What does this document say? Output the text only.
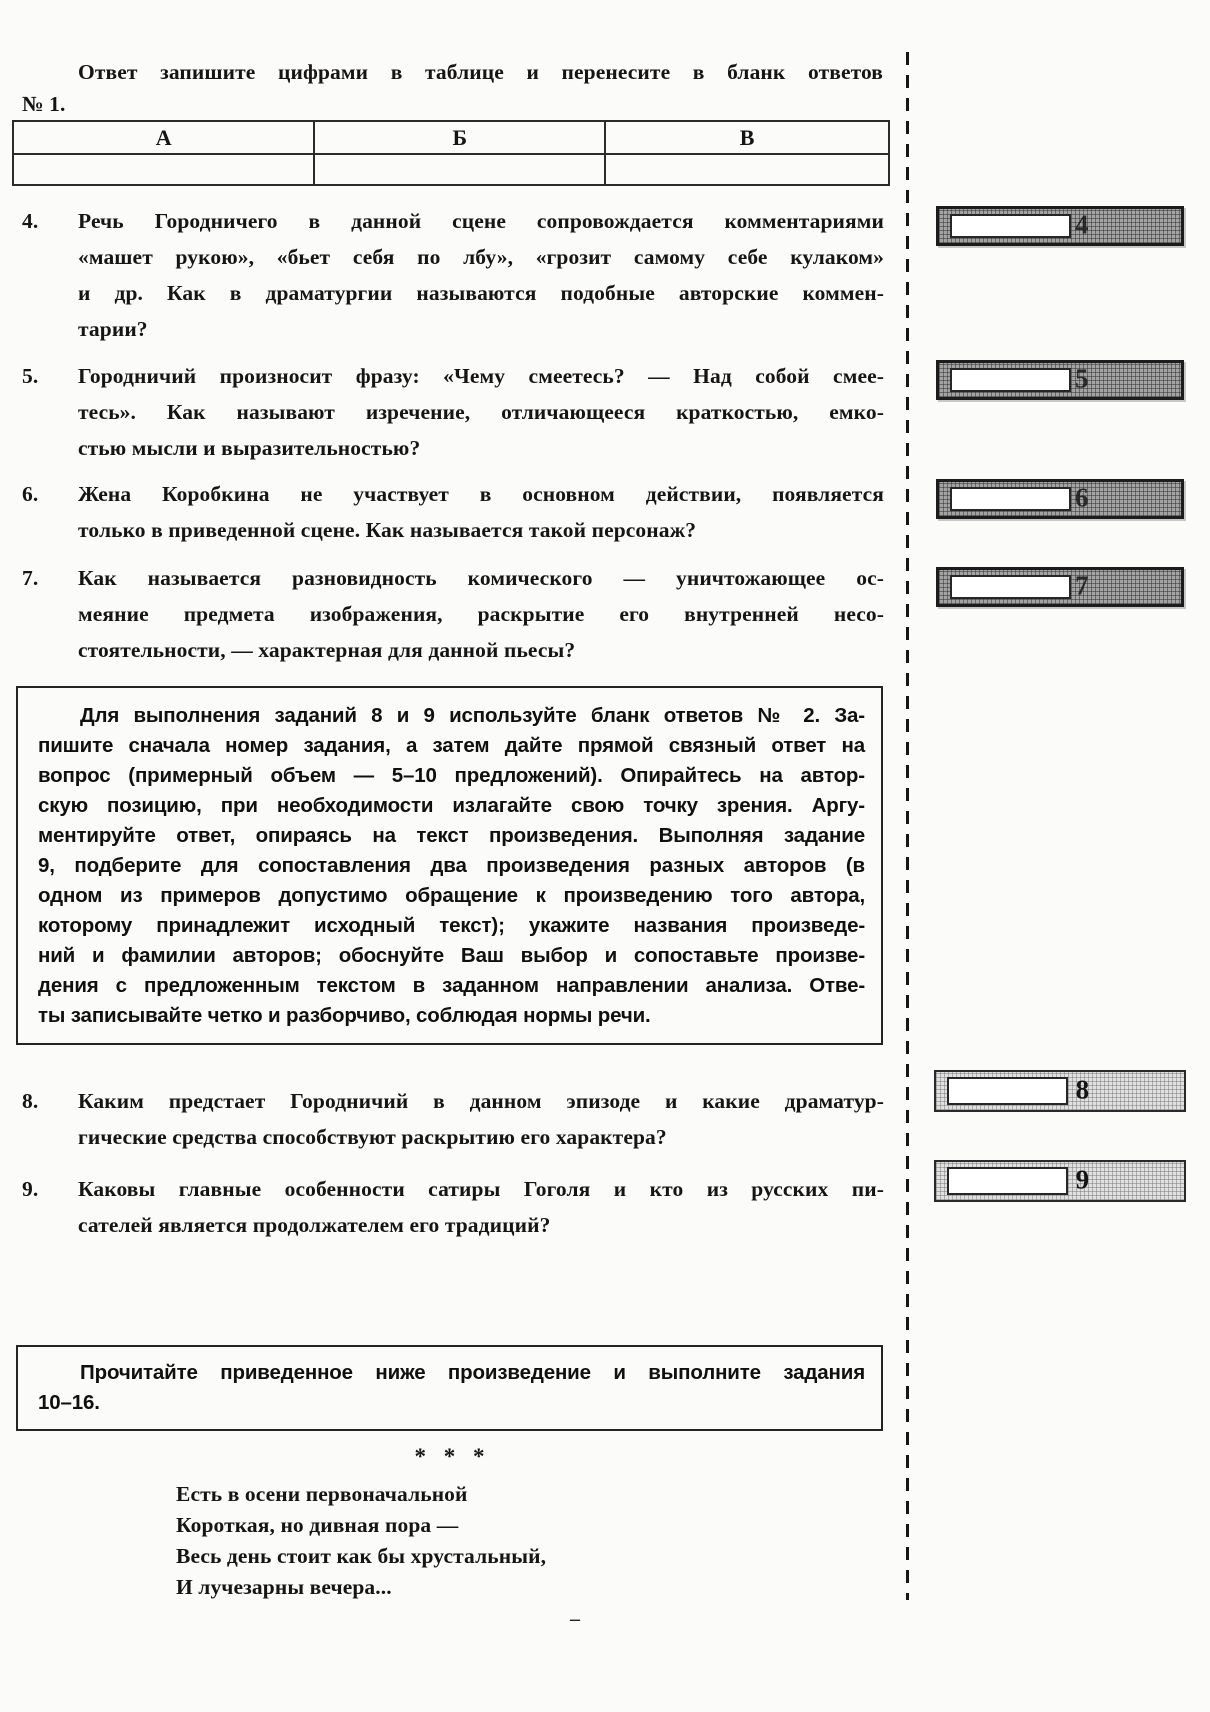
Ответ запишите цифрами в таблице и перенесите в бланк ответов
№ 1.
А	Б	В

4. Речь Городничего в данной сцене сопровождается комментариями
«машет рукою», «бьет себя по лбу», «грозит самому себе кулаком»
и др. Как в драматургии называются подобные авторские коммен-
тарии?
5. Городничий произносит фразу: «Чему смеетесь? — Над собой смее-
тесь». Как называют изречение, отличающееся краткостью, емко-
стью мысли и выразительностью?
6. Жена Коробкина не участвует в основном действии, появляется
только в приведенной сцене. Как называется такой персонаж?
7. Как называется разновидность комического — уничтожающее ос-
меяние предмета изображения, раскрытие его внутренней несо-
стоятельности, — характерная для данной пьесы?
Для выполнения заданий 8 и 9 используйте бланк ответов № 2. За-
пишите сначала номер задания, а затем дайте прямой связный ответ на
вопрос (примерный объем — 5–10 предложений). Опирайтесь на автор-
скую позицию, при необходимости излагайте свою точку зрения. Аргу-
ментируйте ответ, опираясь на текст произведения. Выполняя задание
9, подберите для сопоставления два произведения разных авторов (в
одном из примеров допустимо обращение к произведению того автора,
которому принадлежит исходный текст); укажите названия произведе-
ний и фамилии авторов; обоснуйте Ваш выбор и сопоставьте произве-
дения с предложенным текстом в заданном направлении анализа. Отве-
ты записывайте четко и разборчиво, соблюдая нормы речи.
8. Каким предстает Городничий в данном эпизоде и какие драматур-
гические средства способствуют раскрытию его характера?
9. Каковы главные особенности сатиры Гоголя и кто из русских пи-
сателей является продолжателем его традиций?
Прочитайте приведенное ниже произведение и выполните задания
10–16.
* * *
Есть в осени первоначальной
Короткая, но дивная пора —
Весь день стоит как бы хрустальный,
И лучезарны вечера...
–
4
5
6
7
8
9
